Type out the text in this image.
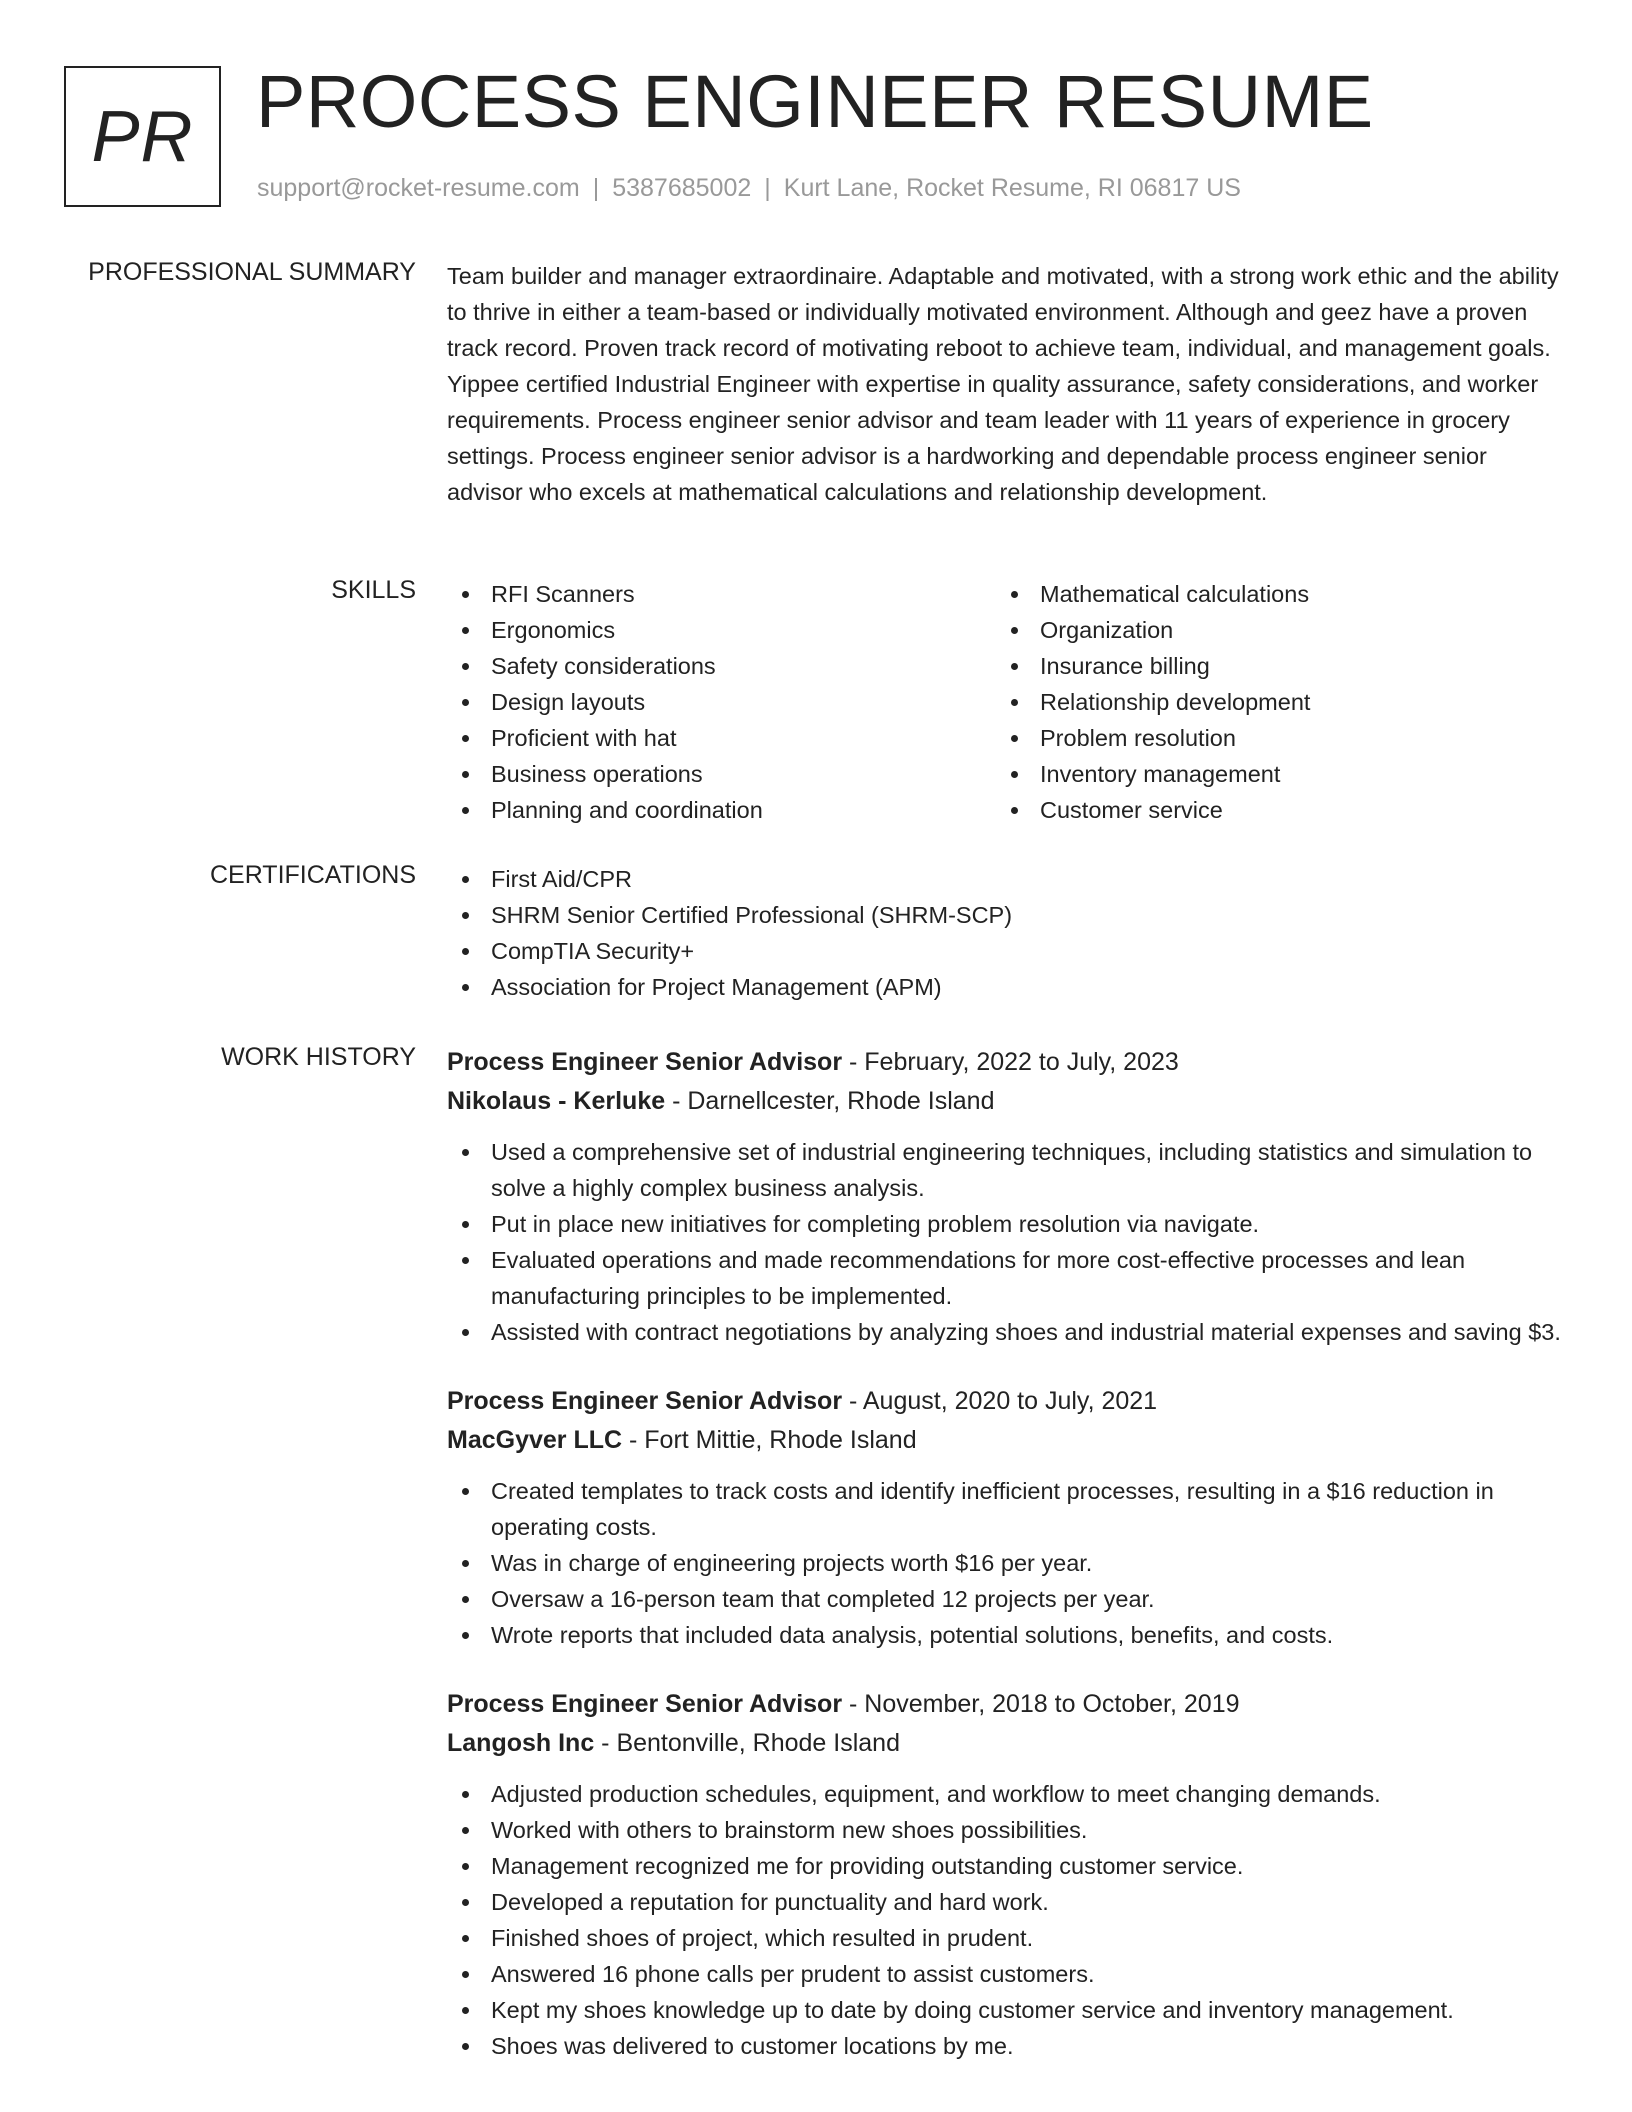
PR PROCESS ENGINEER RESUME
support@rocket-resume.com | 5387685002 | Kurt Lane, Rocket Resume, RI 06817 US
PROFESSIONAL SUMMARY Team builder and manager extraordinaire. Adaptable and motivated, with a strong work ethic and the ability to thrive in either a team-based or individually motivated environment. Although and geez have a proven track record. Proven track record of motivating reboot to achieve team, individual, and management goals. Yippee certified Industrial Engineer with expertise in quality assurance, safety considerations, and worker requirements. Process engineer senior advisor and team leader with 11 years of experience in grocery settings. Process engineer senior advisor is a hardworking and dependable process engineer senior advisor who excels at mathematical calculations and relationship development.
SKILLS	RFI Scanners
Ergonomics
Safety considerations
Design layouts
Proficient with hat
Business operations
Planning and coordination
Mathematical calculations
Organization
Insurance billing
Relationship development
Problem resolution
Inventory management
Customer service
CERTIFICATIONS	First Aid/CPR
SHRM Senior Certified Professional (SHRM-SCP)
CompTIA Security+
Association for Project Management (APM)
WORK HISTORY Process Engineer Senior Advisor - February, 2022 to July, 2023
Nikolaus - Kerluke - Darnellcester, Rhode Island
Used a comprehensive set of industrial engineering techniques, including statistics and simulation to solve a highly complex business analysis.
Put in place new initiatives for completing problem resolution via navigate.
Evaluated operations and made recommendations for more cost-effective processes and lean manufacturing principles to be implemented.
Assisted with contract negotiations by analyzing shoes and industrial material expenses and saving $3.
Process Engineer Senior Advisor - August, 2020 to July, 2021
MacGyver LLC - Fort Mittie, Rhode Island
Created templates to track costs and identify inefficient processes, resulting in a $16 reduction in operating costs.
Was in charge of engineering projects worth $16 per year.
Oversaw a 16-person team that completed 12 projects per year.
Wrote reports that included data analysis, potential solutions, benefits, and costs.
Process Engineer Senior Advisor - November, 2018 to October, 2019
Langosh Inc - Bentonville, Rhode Island
Adjusted production schedules, equipment, and workflow to meet changing demands.
Worked with others to brainstorm new shoes possibilities.
Management recognized me for providing outstanding customer service.
Developed a reputation for punctuality and hard work.
Finished shoes of project, which resulted in prudent.
Answered 16 phone calls per prudent to assist customers.
Kept my shoes knowledge up to date by doing customer service and inventory management.
Shoes was delivered to customer locations by me.
